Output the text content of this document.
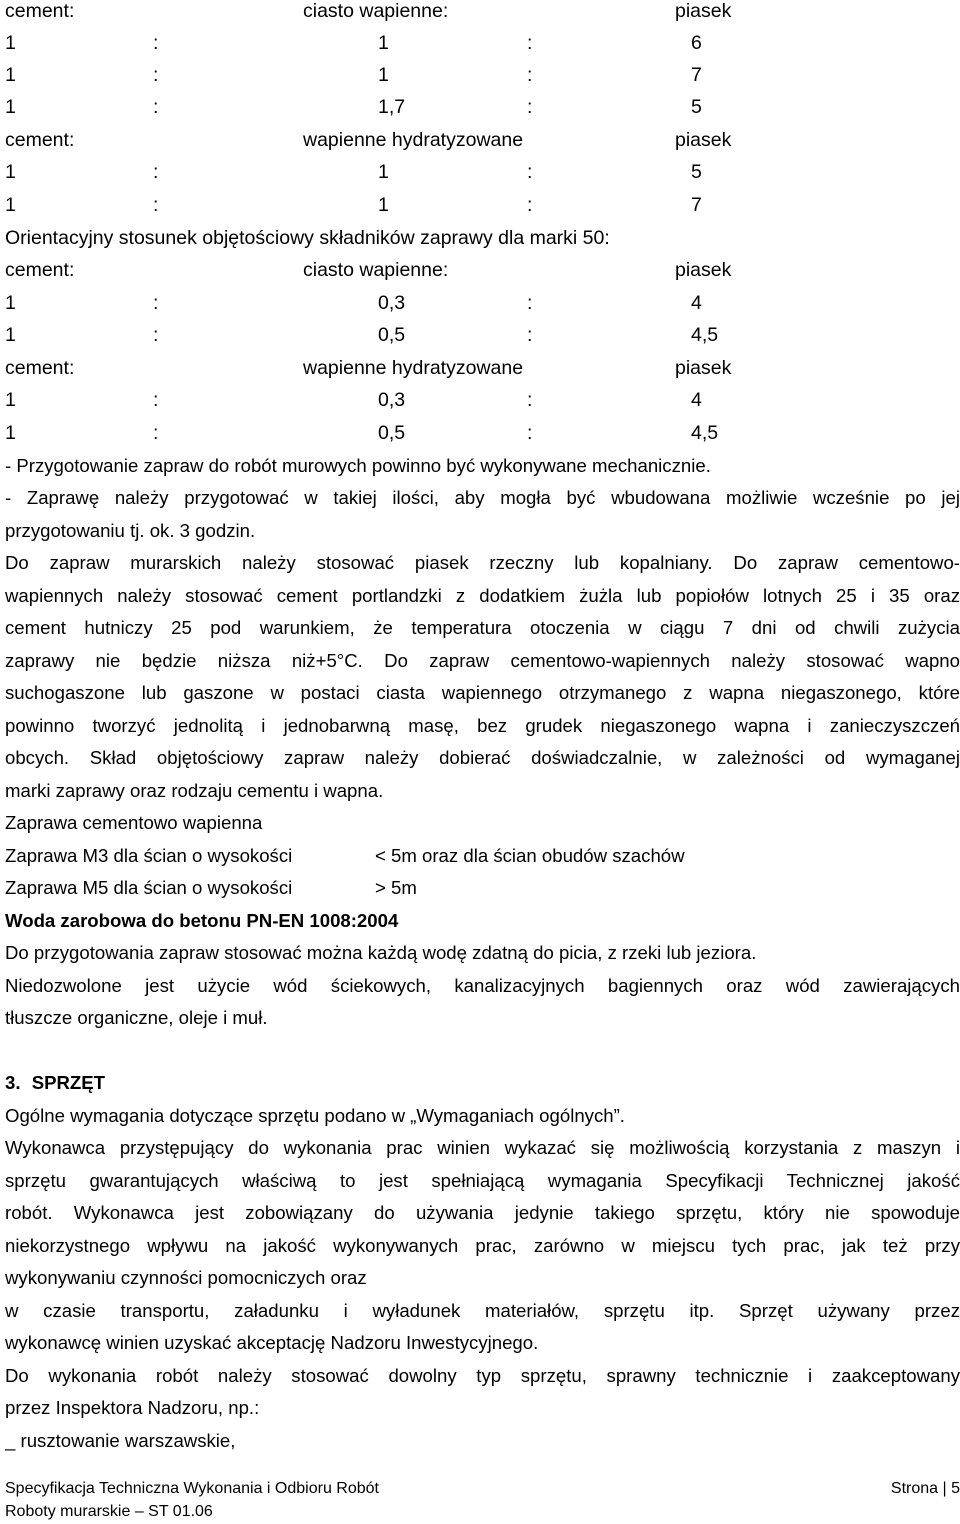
cement:	ciasto wapienne:	piasek
1	:	1	:	6
1	:	1	:	7
1	:	1,7	:	5
cement:	wapienne hydratyzowane	piasek
1	:	1	:	5
1	:	1	:	7
Orientacyjny stosunek objętościowy składników zaprawy dla marki 50:
cement:	ciasto wapienne:	piasek
1	:	0,3	:	4
1	:	0,5	:	4,5
cement:	wapienne hydratyzowane	piasek
1	:	0,3	:	4
1	:	0,5	:	4,5
- Przygotowanie zapraw do robót murowych powinno być wykonywane mechanicznie.
- Zaprawę należy przygotować w takiej ilości, aby mogła być wbudowana możliwie wcześnie po jej
przygotowaniu tj. ok. 3 godzin.
Do zapraw murarskich należy stosować piasek rzeczny lub kopalniany. Do zapraw cementowo-
wapiennych należy stosować cement portlandzki z dodatkiem żużla lub popiołów lotnych 25 i 35 oraz
cement hutniczy 25 pod warunkiem, że temperatura otoczenia w ciągu 7 dni od chwili zużycia
zaprawy nie będzie niższa niż+5°C. Do zapraw cementowo-wapiennych należy stosować wapno
suchogaszone lub gaszone w postaci ciasta wapiennego otrzymanego z wapna niegaszonego, które
powinno tworzyć jednolitą i jednobarwną masę, bez grudek niegaszonego wapna i zanieczyszczeń
obcych. Skład objętościowy zapraw należy dobierać doświadczalnie, w zależności od wymaganej
marki zaprawy oraz rodzaju cementu i wapna.
Zaprawa cementowo wapienna
Zaprawa M3 dla ścian o wysokości	< 5m oraz dla ścian obudów szachów
Zaprawa M5 dla ścian o wysokości	> 5m
Woda zarobowa do betonu PN-EN 1008:2004
Do przygotowania zapraw stosować można każdą wodę zdatną do picia, z rzeki lub jeziora.
Niedozwolone jest użycie wód ściekowych, kanalizacyjnych bagiennych oraz wód zawierających
tłuszcze organiczne, oleje i muł.
3. SPRZĘT
Ogólne wymagania dotyczące sprzętu podano w „Wymaganiach ogólnych”.
Wykonawca przystępujący do wykonania prac winien wykazać się możliwością korzystania z maszyn i
sprzętu gwarantujących właściwą to jest spełniającą wymagania Specyfikacji Technicznej jakość
robót. Wykonawca jest zobowiązany do używania jedynie takiego sprzętu, który nie spowoduje
niekorzystnego wpływu na jakość wykonywanych prac, zarówno w miejscu tych prac, jak też przy
wykonywaniu czynności pomocniczych oraz
w czasie transportu, załadunku i wyładunek materiałów, sprzętu itp. Sprzęt używany przez
wykonawcę winien uzyskać akceptację Nadzoru Inwestycyjnego.
Do wykonania robót należy stosować dowolny typ sprzętu, sprawny technicznie i zaakceptowany
przez Inspektora Nadzoru, np.:
_ rusztowanie warszawskie,
Specyfikacja Techniczna Wykonania i Odbioru Robót	Strona | 5
Roboty murarskie – ST 01.06
